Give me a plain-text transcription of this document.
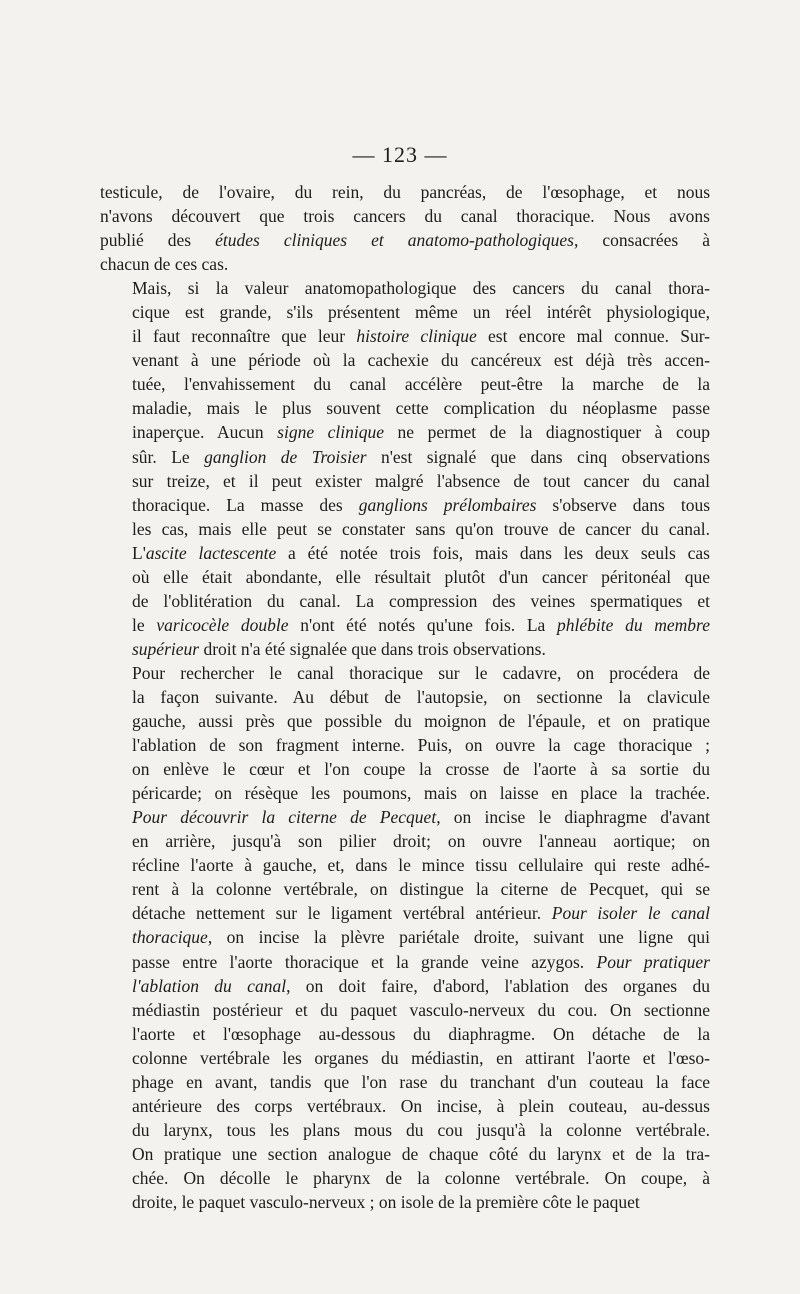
— 123 —

testicule, de l'ovaire, du rein, du pancréas, de l'œsophage, et nous
n'avons découvert que trois cancers du canal thoracique. Nous avons
publié des études cliniques et anatomo-pathologiques, consacrées à
chacun de ces cas.

Mais, si la valeur anatomopathologique des cancers du canal thora-
cique est grande, s'ils présentent même un réel intérêt physiologique,
il faut reconnaître que leur histoire clinique est encore mal connue. Sur-
venant à une période où la cachexie du cancéreux est déjà très accen-
tuée, l'envahissement du canal accélère peut-être la marche de la
maladie, mais le plus souvent cette complication du néoplasme passe
inaperçue. Aucun signe clinique ne permet de la diagnostiquer à coup
sûr. Le ganglion de Troisier n'est signalé que dans cinq observations
sur treize, et il peut exister malgré l'absence de tout cancer du canal
thoracique. La masse des ganglions prélombaires s'observe dans tous
les cas, mais elle peut se constater sans qu'on trouve de cancer du canal.
L'ascite lactescente a été notée trois fois, mais dans les deux seuls cas
où elle était abondante, elle résultait plutôt d'un cancer péritonéal que
de l'oblitération du canal. La compression des veines spermatiques et
le varicocèle double n'ont été notés qu'une fois. La phlébite du membre
supérieur droit n'a été signalée que dans trois observations.

Pour rechercher le canal thoracique sur le cadavre, on procédera de
la façon suivante. Au début de l'autopsie, on sectionne la clavicule
gauche, aussi près que possible du moignon de l'épaule, et on pratique
l'ablation de son fragment interne. Puis, on ouvre la cage thoracique ;
on enlève le cœur et l'on coupe la crosse de l'aorte à sa sortie du
péricarde; on résèque les poumons, mais on laisse en place la trachée.
Pour découvrir la citerne de Pecquet, on incise le diaphragme d'avant
en arrière, jusqu'à son pilier droit; on ouvre l'anneau aortique; on
récline l'aorte à gauche, et, dans le mince tissu cellulaire qui reste adhé-
rent à la colonne vertébrale, on distingue la citerne de Pecquet, qui se
détache nettement sur le ligament vertébral antérieur. Pour isoler le canal
thoracique, on incise la plèvre pariétale droite, suivant une ligne qui
passe entre l'aorte thoracique et la grande veine azygos. Pour pratiquer
l'ablation du canal, on doit faire, d'abord, l'ablation des organes du
médiastin postérieur et du paquet vasculo-nerveux du cou. On sectionne
l'aorte et l'œsophage au-dessous du diaphragme. On détache de la
colonne vertébrale les organes du médiastin, en attirant l'aorte et l'œso-
phage en avant, tandis que l'on rase du tranchant d'un couteau la face
antérieure des corps vertébraux. On incise, à plein couteau, au-dessus
du larynx, tous les plans mous du cou jusqu'à la colonne vertébrale.
On pratique une section analogue de chaque côté du larynx et de la tra-
chée. On décolle le pharynx de la colonne vertébrale. On coupe, à
droite, le paquet vasculo-nerveux ; on isole de la première côte le paquet
